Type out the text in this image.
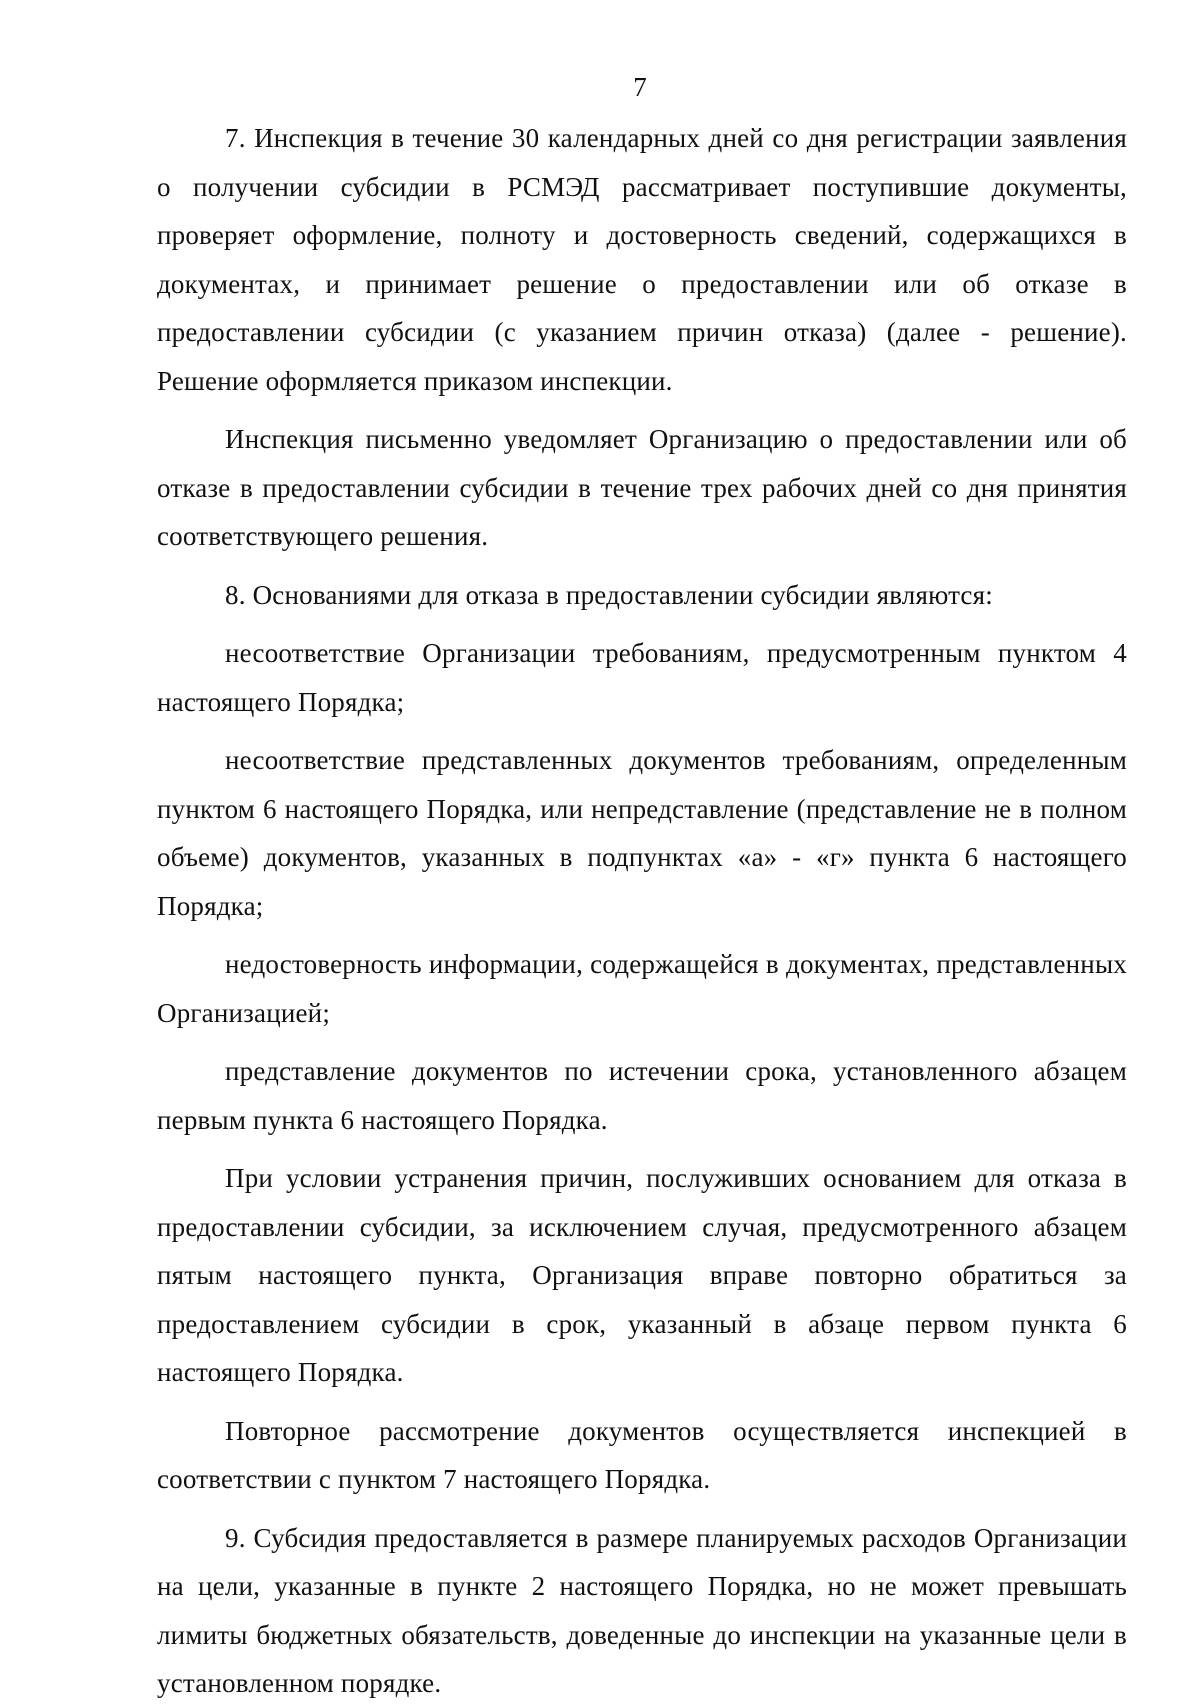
7

7. Инспекция в течение 30 календарных дней со дня регистрации заявления о получении субсидии в РСМЭД рассматривает поступившие документы, проверяет оформление, полноту и достоверность сведений, содержащихся в документах, и принимает решение о предоставлении или об отказе в предоставлении субсидии (с указанием причин отказа) (далее - решение). Решение оформляется приказом инспекции.

Инспекция письменно уведомляет Организацию о предоставлении или об отказе в предоставлении субсидии в течение трех рабочих дней со дня принятия соответствующего решения.

8. Основаниями для отказа в предоставлении субсидии являются:

несоответствие Организации требованиям, предусмотренным пунктом 4 настоящего Порядка;

несоответствие представленных документов требованиям, определенным пунктом 6 настоящего Порядка, или непредставление (представление не в полном объеме) документов, указанных в подпунктах «а» - «г» пункта 6 настоящего Порядка;

недостоверность информации, содержащейся в документах, представленных Организацией;

представление документов по истечении срока, установленного абзацем первым пункта 6 настоящего Порядка.

При условии устранения причин, послуживших основанием для отказа в предоставлении субсидии, за исключением случая, предусмотренного абзацем пятым настоящего пункта, Организация вправе повторно обратиться за предоставлением субсидии в срок, указанный в абзаце первом пункта 6 настоящего Порядка.

Повторное рассмотрение документов осуществляется инспекцией в соответствии с пунктом 7 настоящего Порядка.

9. Субсидия предоставляется в размере планируемых расходов Организации на цели, указанные в пункте 2 настоящего Порядка, но не может превышать лимиты бюджетных обязательств, доведенные до инспекции на указанные цели в установленном порядке.
